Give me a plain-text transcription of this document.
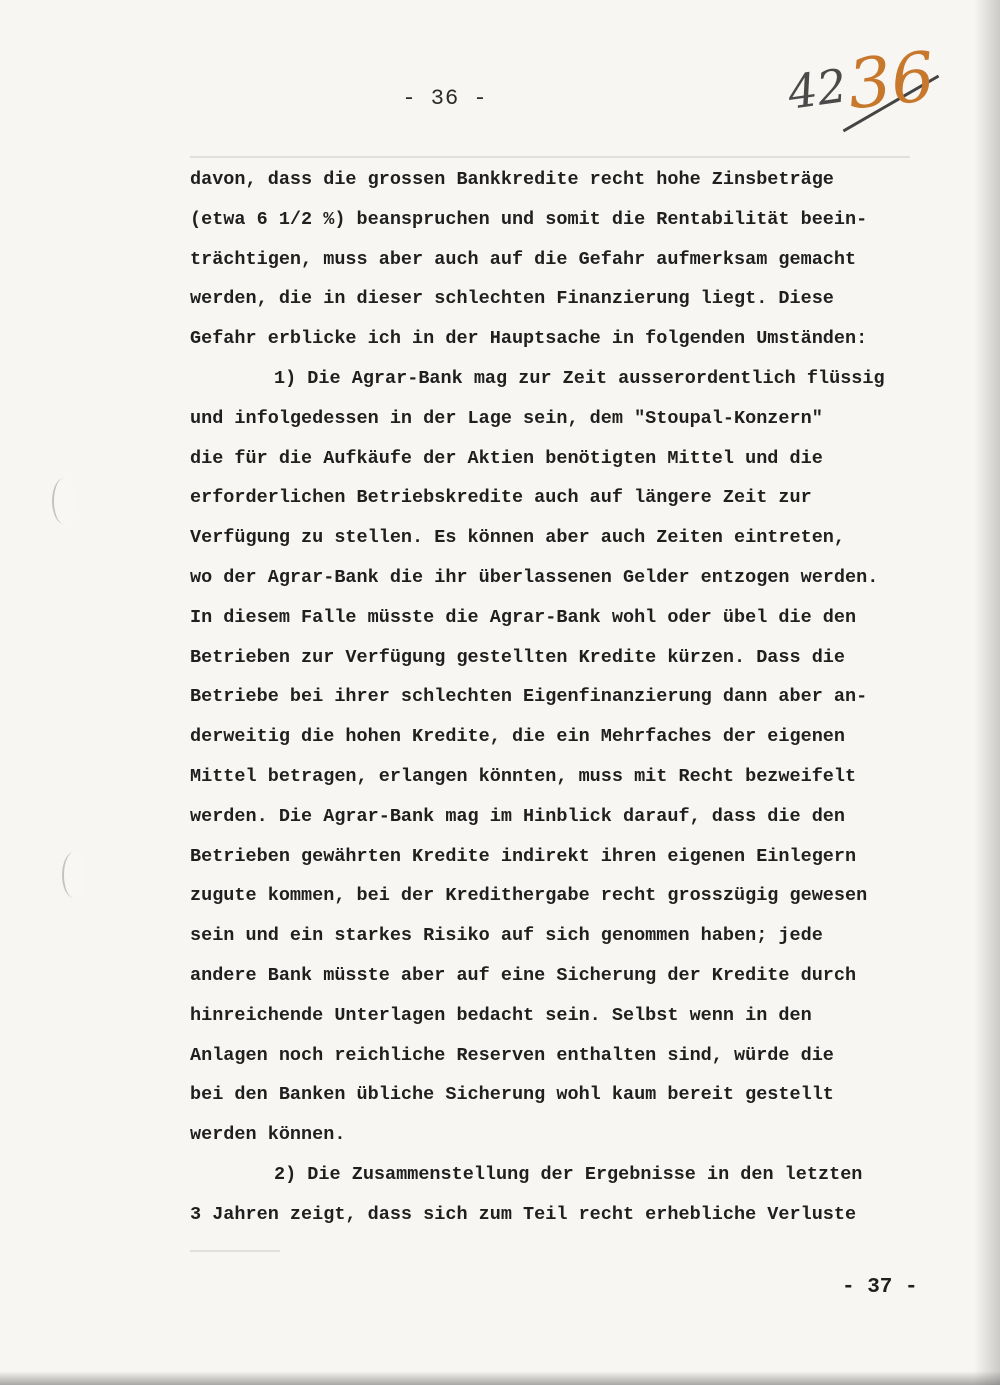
- 36 -	42
36
davon, dass die grossen Bankkredite recht hohe Zinsbeträge
(etwa 6 1/2 %) beanspruchen und somit die Rentabilität beein-
trächtigen, muss aber auch auf die Gefahr aufmerksam gemacht
werden, die in dieser schlechten Finanzierung liegt. Diese
Gefahr erblicke ich in der Hauptsache in folgenden Umständen:
1) Die Agrar-Bank mag zur Zeit ausserordentlich flüssig
und infolgedessen in der Lage sein, dem "Stoupal-Konzern"
die für die Aufkäufe der Aktien benötigten Mittel und die
erforderlichen Betriebskredite auch auf längere Zeit zur
Verfügung zu stellen. Es können aber auch Zeiten eintreten,
wo der Agrar-Bank die ihr überlassenen Gelder entzogen werden.
In diesem Falle müsste die Agrar-Bank wohl oder übel die den
Betrieben zur Verfügung gestellten Kredite kürzen. Dass die
Betriebe bei ihrer schlechten Eigenfinanzierung dann aber an-
derweitig die hohen Kredite, die ein Mehrfaches der eigenen
Mittel betragen, erlangen könnten, muss mit Recht bezweifelt
werden. Die Agrar-Bank mag im Hinblick darauf, dass die den
Betrieben gewährten Kredite indirekt ihren eigenen Einlegern
zugute kommen, bei der Kredithergabe recht grosszügig gewesen
sein und ein starkes Risiko auf sich genommen haben; jede
andere Bank müsste aber auf eine Sicherung der Kredite durch
hinreichende Unterlagen bedacht sein. Selbst wenn in den
Anlagen noch reichliche Reserven enthalten sind, würde die
bei den Banken übliche Sicherung wohl kaum bereit gestellt
werden können.
2) Die Zusammenstellung der Ergebnisse in den letzten
3 Jahren zeigt, dass sich zum Teil recht erhebliche Verluste
- 37 -
